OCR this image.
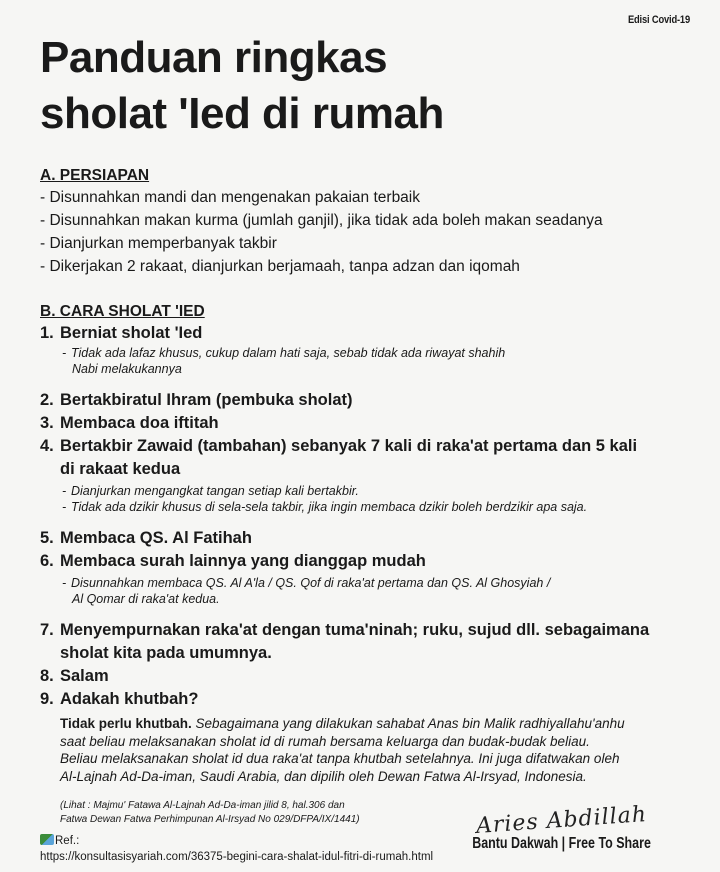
Edisi Covid-19
Panduan ringkas
sholat 'Ied di rumah

A. PERSIAPAN

- Disunnahkan mandi dan mengenakan pakaian terbaik

- Disunnahkan makan kurma (jumlah ganjil), jika tidak ada boleh makan seadanya

- Dianjurkan memperbanyak takbir

- Dikerjakan 2 rakaat, dianjurkan berjamaah, tanpa adzan dan iqomah

B. CARA SHOLAT 'IED

1. Berniat sholat 'Ied

- Tidak ada lafaz khusus, cukup dalam hati saja, sebab tidak ada riwayat shahih
Nabi melakukannya

2. Bertakbiratul Ihram (pembuka sholat)
3. Membaca doa iftitah
4. Bertakbir Zawaid (tambahan) sebanyak 7 kali di raka'at pertama dan 5 kali
di rakaat kedua

- Dianjurkan mengangkat tangan setiap kali bertakbir.

- Tidak ada dzikir khusus di sela-sela takbir, jika ingin membaca dzikir boleh berdzikir apa saja.

5. Membaca QS. Al Fatihah
6. Membaca surah lainnya yang dianggap mudah

- Disunnahkan membaca QS. Al A'la / QS. Qof di raka'at pertama dan QS. Al Ghosyiah /
Al Qomar di raka'at kedua.

7. Menyempurnakan raka'at dengan tuma'ninah; ruku, sujud dll. sebagaimana
sholat kita pada umumnya.
8. Salam
9. Adakah khutbah?

Tidak perlu khutbah. Sebagaimana yang dilakukan sahabat Anas bin Malik radhiyallahu'anhu
saat beliau melaksanakan sholat id di rumah bersama keluarga dan budak-budak beliau.
Beliau melaksanakan sholat id dua raka'at tanpa khutbah setelahnya. Ini juga difatwakan oleh
Al-Lajnah Ad-Da-iman, Saudi Arabia, dan dipilih oleh Dewan Fatwa Al-Irsyad, Indonesia.

(Lihat : Majmu' Fatawa Al-Lajnah Ad-Da-iman jilid 8, hal.306 dan
Fatwa Dewan Fatwa Perhimpunan Al-Irsyad No 029/DFPA/IX/1441)

Ref.:
https://konsultasisyariah.com/36375-begini-cara-shalat-idul-fitri-di-rumah.html
Aries Abdillah
Bantu Dakwah | Free To Share
